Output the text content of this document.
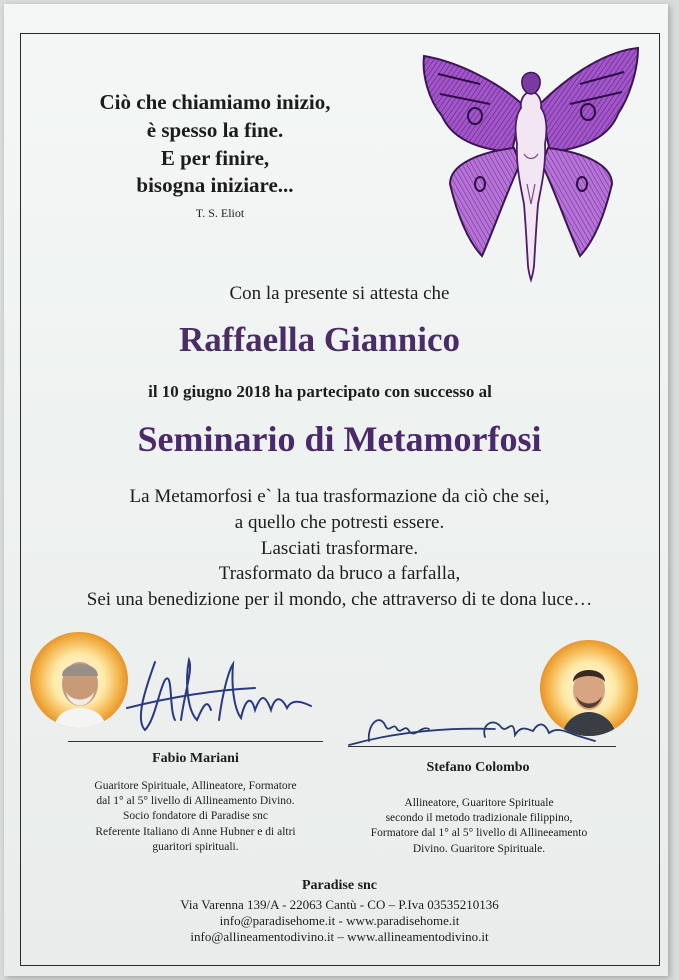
Ciò che chiamiamo inizio,
è spesso la fine.
E per finire,
bisogna iniziare...
T. S. Eliot
Con la presente si attesta che
Raffaella Giannico
il 10 giugno 2018 ha partecipato con successo al
Seminario di Metamorfosi
La Metamorfosi e` la tua trasformazione da ciò che sei,
a quello che potresti essere.
Lasciati trasformare.
Trasformato da bruco a farfalla,
Sei una benedizione per il mondo, che attraverso di te dona luce…
Fabio Mariani
Guaritore Spirituale, Allineatore, Formatore
dal 1° al 5° livello di Allineamento Divino.
Socio fondatore di Paradise snc
Referente Italiano di Anne Hubner e di altri
guaritori spirituali.
Stefano Colombo
Allineatore, Guaritore Spirituale
secondo il metodo tradizionale filippino,
Formatore dal 1° al 5° livello di Allineeamento
Divino. Guaritore Spirituale.
Paradise snc
Via Varenna 139/A - 22063 Cantù - CO – P.Iva 03535210136
info@paradisehome.it - www.paradisehome.it
info@allineamentodivino.it – www.allineamentodivino.it
